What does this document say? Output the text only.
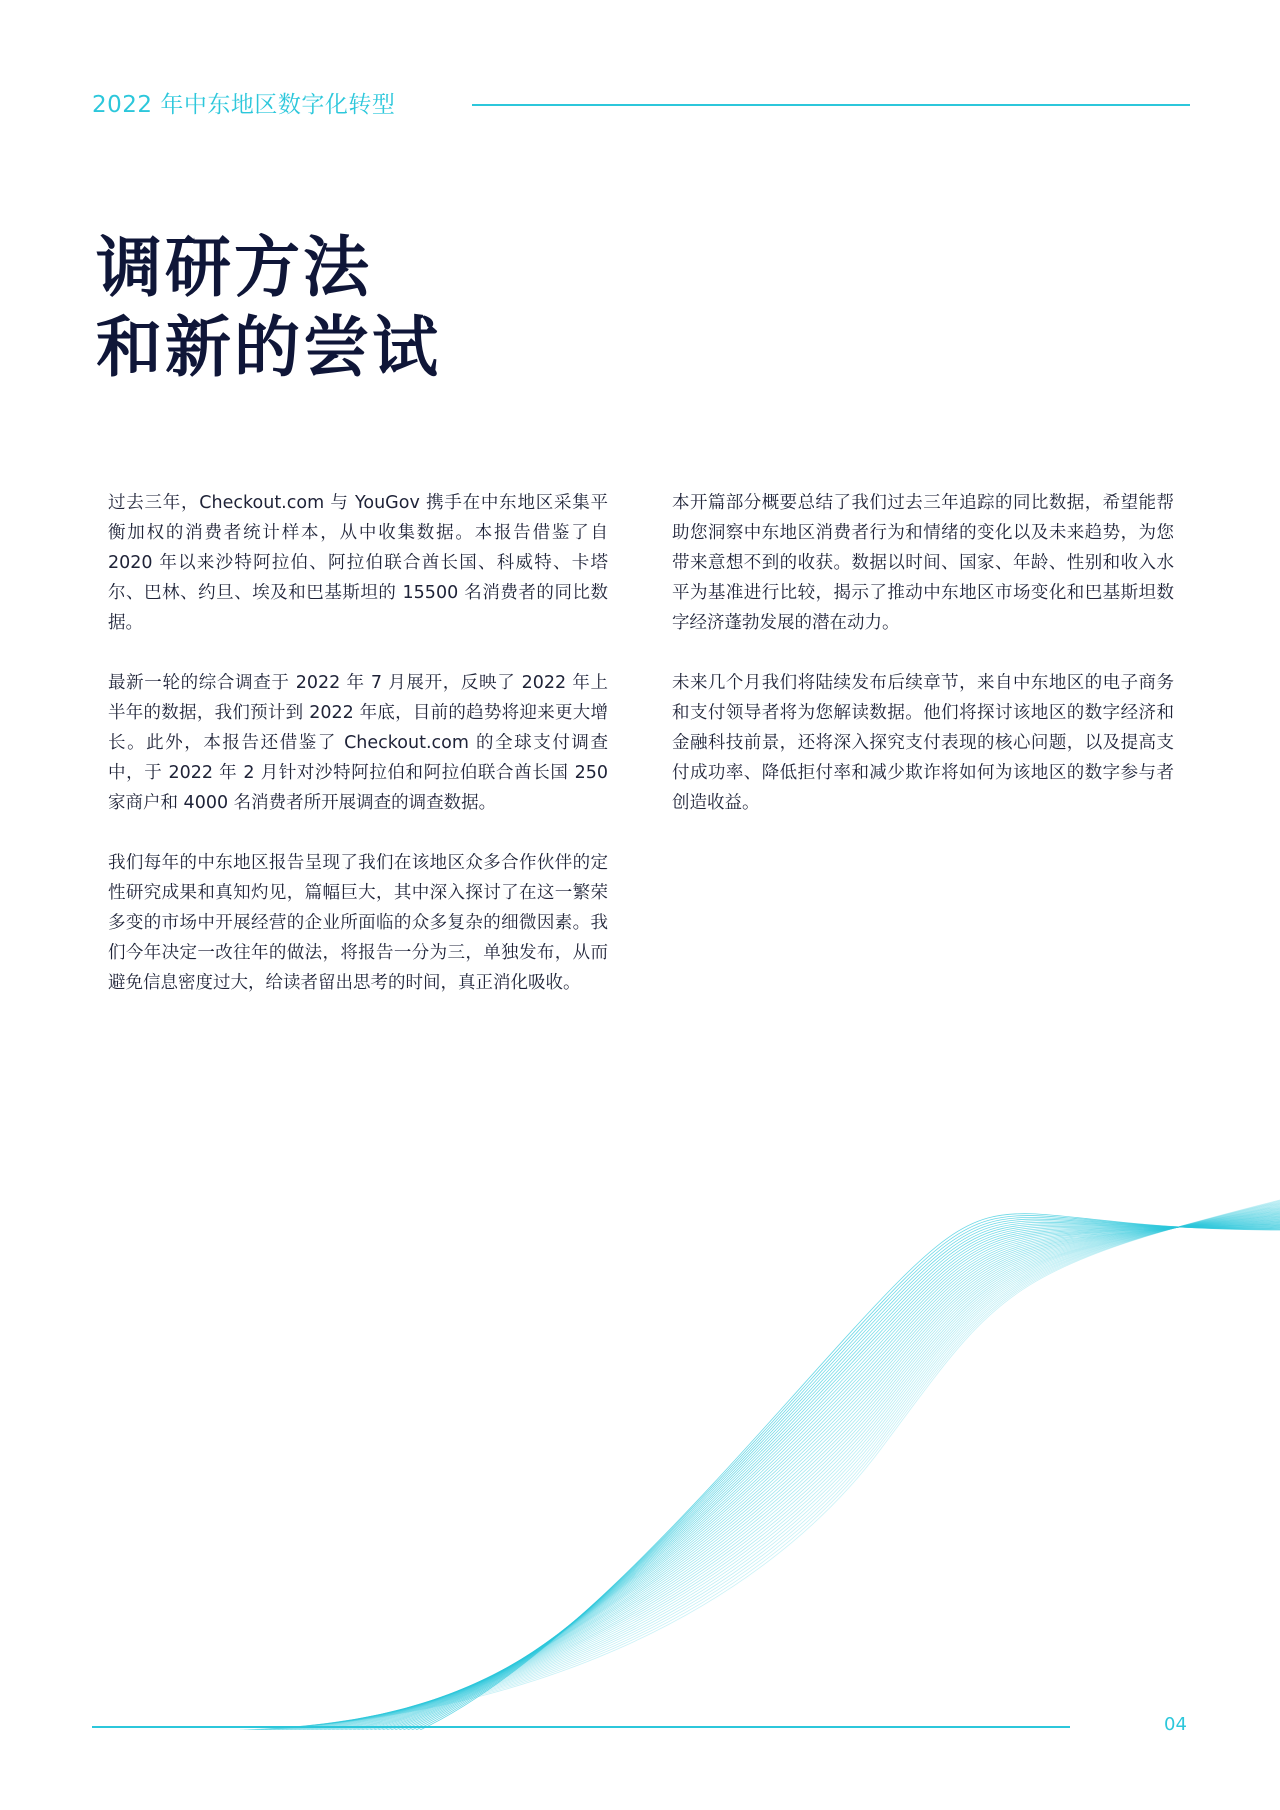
2022 年中东地区数字化转型
调研方法
和新的尝试

过去三年，Checkout.com 与 YouGov 携手在中东地区采集平衡加权的消费者统计样本，从中收集数据。本报告借鉴了自 2020 年以来沙特阿拉伯、阿拉伯联合酋长国、科威特、卡塔尔、巴林、约旦、埃及和巴基斯坦的 15500 名消费者的同比数据。

最新一轮的综合调查于 2022 年 7 月展开，反映了 2022 年上半年的数据，我们预计到 2022 年底，目前的趋势将迎来更大增长。此外，本报告还借鉴了 Checkout.com 的全球支付调查中，于 2022 年 2 月针对沙特阿拉伯和阿拉伯联合酋长国 250 家商户和 4000 名消费者所开展调查的调查数据。

我们每年的中东地区报告呈现了我们在该地区众多合作伙伴的定性研究成果和真知灼见，篇幅巨大，其中深入探讨了在这一繁荣多变的市场中开展经营的企业所面临的众多复杂的细微因素。我们今年决定一改往年的做法，将报告一分为三，单独发布，从而避免信息密度过大，给读者留出思考的时间，真正消化吸收。

本开篇部分概要总结了我们过去三年追踪的同比数据，希望能帮助您洞察中东地区消费者行为和情绪的变化以及未来趋势，为您带来意想不到的收获。数据以时间、国家、年龄、性别和收入水平为基准进行比较，揭示了推动中东地区市场变化和巴基斯坦数字经济蓬勃发展的潜在动力。

未来几个月我们将陆续发布后续章节，来自中东地区的电子商务和支付领导者将为您解读数据。他们将探讨该地区的数字经济和金融科技前景，还将深入探究支付表现的核心问题，以及提高支付成功率、降低拒付率和减少欺诈将如何为该地区的数字参与者创造收益。

04
